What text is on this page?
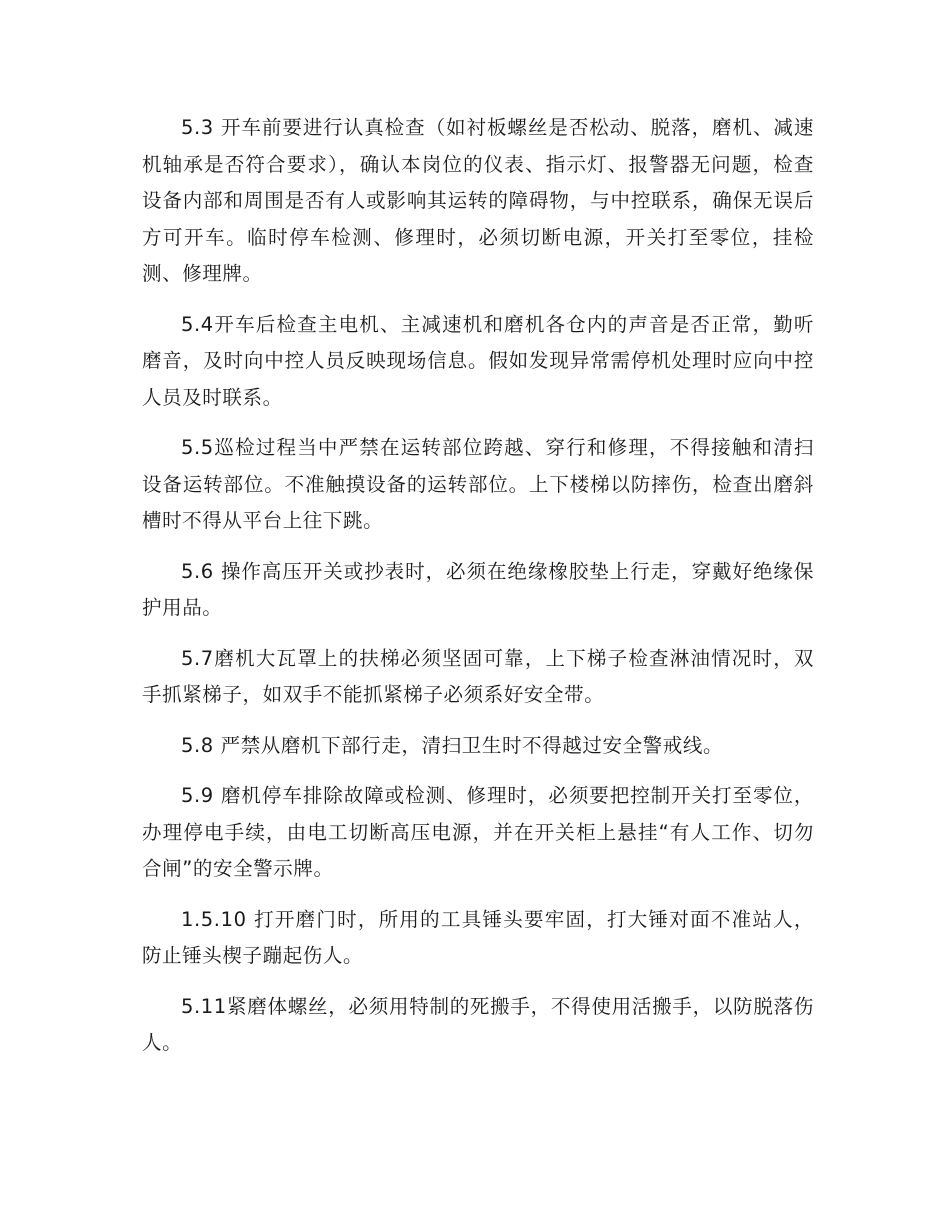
5.3 开车前要进行认真检查（如衬板螺丝是否松动、脱落，磨机、减速机轴承是否符合要求），确认本岗位的仪表、指示灯、报警器无问题，检查设备内部和周围是否有人或影响其运转的障碍物，与中控联系，确保无误后方可开车。临时停车检测、修理时，必须切断电源，开关打至零位，挂检测、修理牌。

5.4开车后检查主电机、主减速机和磨机各仓内的声音是否正常，勤听磨音，及时向中控人员反映现场信息。假如发现异常需停机处理时应向中控人员及时联系。

5.5巡检过程当中严禁在运转部位跨越、穿行和修理，不得接触和清扫设备运转部位。不准触摸设备的运转部位。上下楼梯以防摔伤，检查出磨斜槽时不得从平台上往下跳。

5.6 操作高压开关或抄表时，必须在绝缘橡胶垫上行走，穿戴好绝缘保护用品。

5.7磨机大瓦罩上的扶梯必须坚固可靠，上下梯子检查淋油情况时，双手抓紧梯子，如双手不能抓紧梯子必须系好安全带。

5.8 严禁从磨机下部行走，清扫卫生时不得越过安全警戒线。

5.9 磨机停车排除故障或检测、修理时，必须要把控制开关打至零位，办理停电手续，由电工切断高压电源，并在开关柜上悬挂“有人工作、切勿合闸”的安全警示牌。

1.5.10 打开磨门时，所用的工具锤头要牢固，打大锤对面不准站人，防止锤头楔子蹦起伤人。

5.11紧磨体螺丝，必须用特制的死搬手，不得使用活搬手，以防脱落伤人。
